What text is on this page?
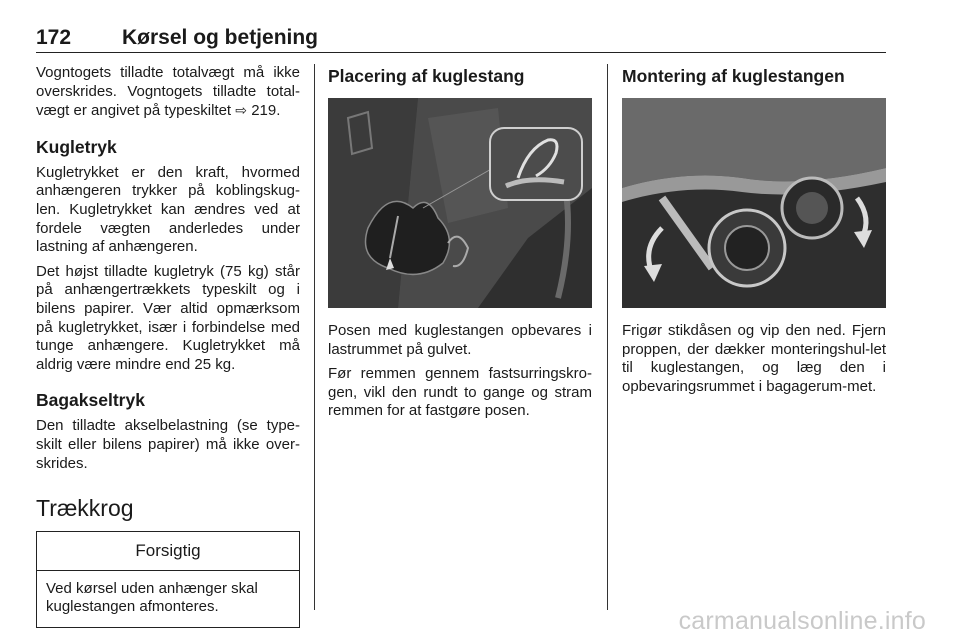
172 Kørsel og betjening

Vogntogets tilladte totalvægt må ikke overskrides. Vogntogets tilladte total-vægt er angivet på typeskiltet ⇨ 219.

Kugletryk

Kugletrykket er den kraft, hvormed anhængeren trykker på koblingskug-len. Kugletrykket kan ændres ved at fordele vægten anderledes under lastning af anhængeren.

Det højst tilladte kugletryk (75 kg) står på anhængertrækkets typeskilt og i bilens papirer. Vær altid opmærksom på kugletrykket, især i forbindelse med tunge anhængere. Kugletrykket må aldrig være mindre end 25 kg.

Bagakseltryk

Den tilladte akselbelastning (se type-skilt eller bilens papirer) må ikke over-skrides.

Trækkrog
Forsigtig
Ved kørsel uden anhænger skal kuglestangen afmonteres.
Placering af kuglestang

Posen med kuglestangen opbevares i lastrummet på gulvet.

Før remmen gennem fastsurringskro-gen, vikl den rundt to gange og stram remmen for at fastgøre posen.

Montering af kuglestangen

Frigør stikdåsen og vip den ned. Fjern proppen, der dækker monteringshul-let til kuglestangen, og læg den i opbevaringsrummet i bagagerum-met.

carmanualsonline.info
